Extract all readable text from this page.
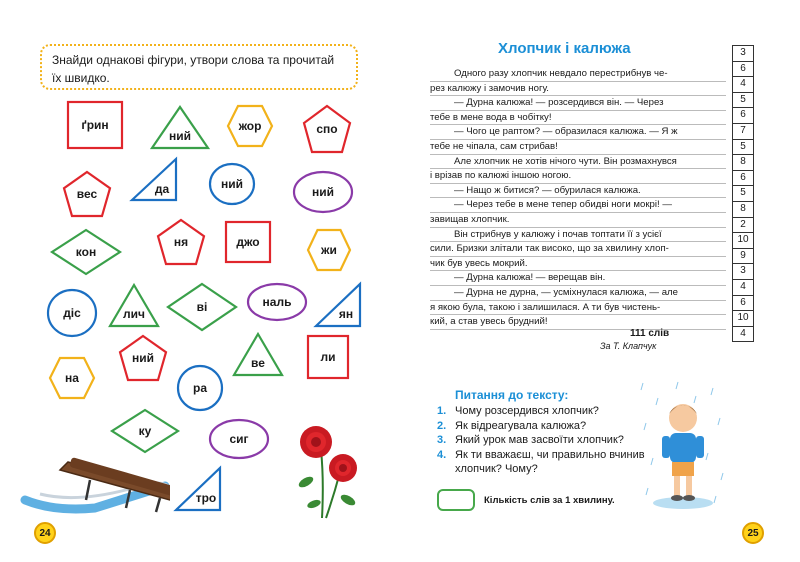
Знайди однакові фігури, утвори слова та прочитай їх швидко.
ґрин
ний
жор	спо
вес	да	ний
ний
кон
ня	джо
жи
діс	лич	ві	наль
ян
ний	ве	ли
на
ра
ку
сиг
тро
24
Хлопчик і калюжа

Одного разу хлопчик невдало перестрибнув че-

рез калюжу і замочив ногу.

— Дурна калюжа! — розсердився він. — Через

тебе в мене вода в чобітку!

— Чого це раптом? — образилася калюжа. — Я ж

тебе не чіпала, сам стрибав!

Але хлопчик не хотів нічого чути. Він розмахнувся

і врізав по калюжі іншою ногою.

— Нащо ж битися? — обурилася калюжа.

— Через тебе в мене тепер обидві ноги мокрі! —

завищав хлопчик.

Він стрибнув у калюжу і почав топтати її з усієї

сили. Бризки злітали так високо, що за хвилину хлоп-

чик був увесь мокрий.

— Дурна калюжа! — верещав він.

— Дурна не дурна, — усміхнулася калюжа, — але

я якою була, такою і залишилася. А ти був чистень-

кий, а став увесь брудний!

3
6
4
5
6
7
5
8
6
5
8
2
10
9
3
4
6
10
4
111 слів
За Т. Клапчук
Питання до тексту:
1. Чому розсердився хлопчик?
2. Як відреагувала калюжа?
3. Який урок мав засвоїти хлопчик?
4. Як ти вважаєш, чи правильно вчинив хлопчик? Чому?
Кількість слів за 1 хвилину.
25
